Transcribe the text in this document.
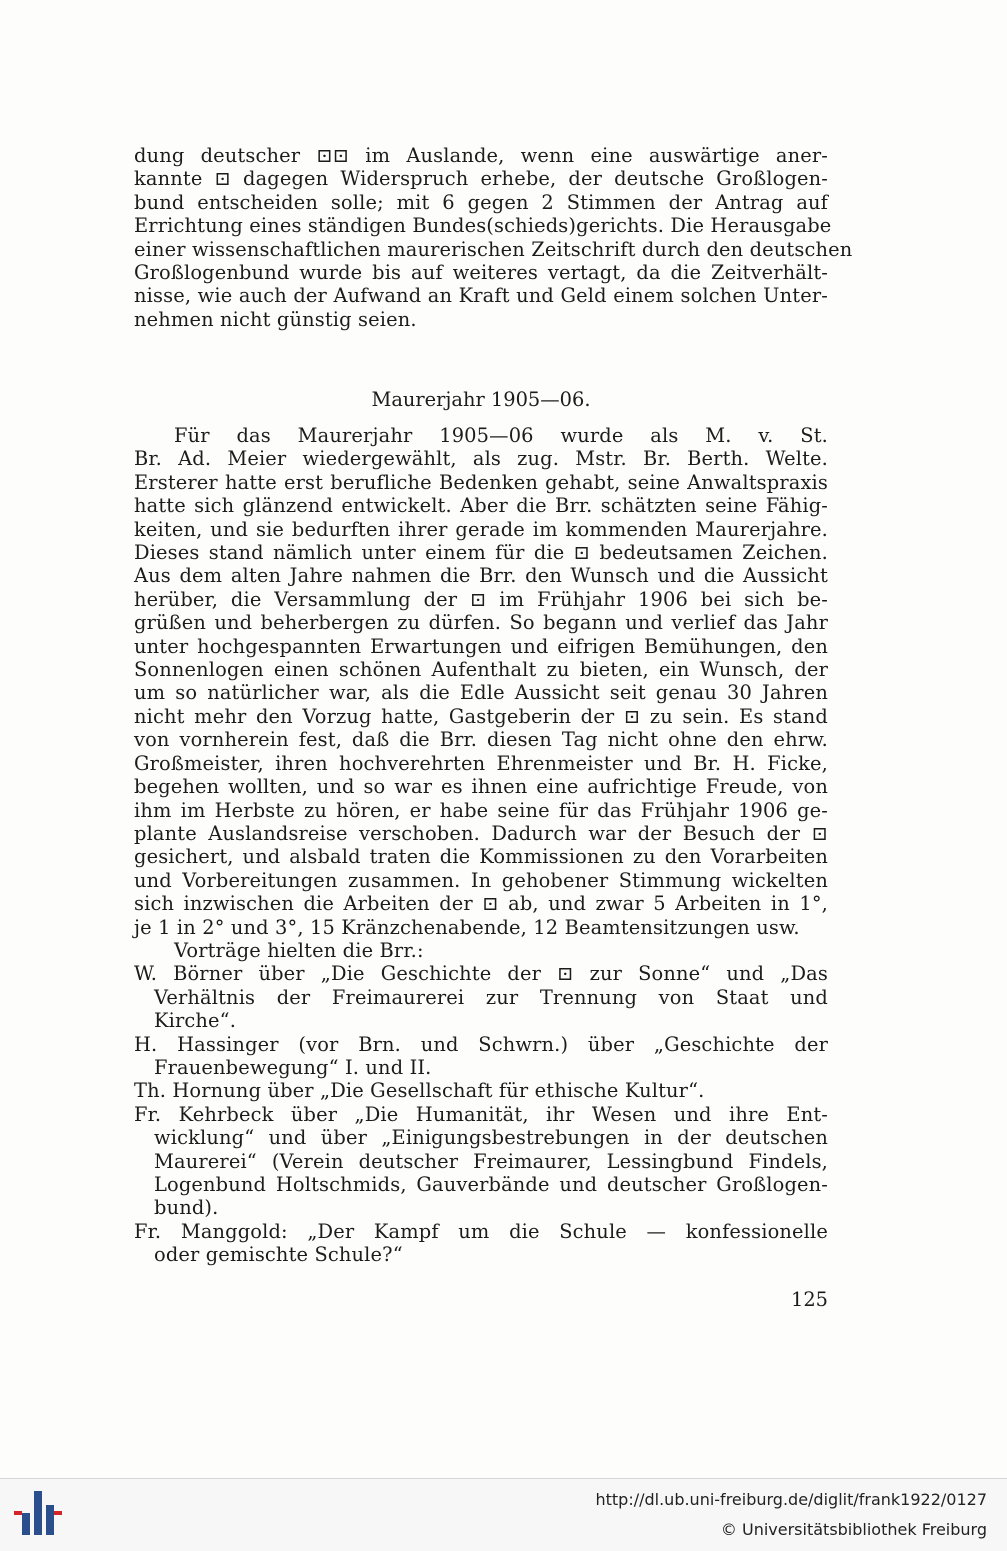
dung deutscher ⊡⊡ im Auslande, wenn eine auswärtige aner-
kannte ⊡ dagegen Widerspruch erhebe, der deutsche Großlogen-
bund entscheiden solle; mit 6 gegen 2 Stimmen der Antrag auf
Errichtung eines ständigen Bundes(schieds)gerichts. Die Herausgabe
einer wissenschaftlichen maurerischen Zeitschrift durch den deutschen
Großlogenbund wurde bis auf weiteres vertagt, da die Zeitverhält-
nisse, wie auch der Aufwand an Kraft und Geld einem solchen Unter-
nehmen nicht günstig seien.
Maurerjahr 1905—06.
Für das Maurerjahr 1905—06 wurde als M. v. St.
Br. Ad. Meier wiedergewählt, als zug. Mstr. Br. Berth. Welte.
Ersterer hatte erst berufliche Bedenken gehabt, seine Anwaltspraxis
hatte sich glänzend entwickelt. Aber die Brr. schätzten seine Fähig-
keiten, und sie bedurften ihrer gerade im kommenden Maurerjahre.
Dieses stand nämlich unter einem für die ⊡ bedeutsamen Zeichen.
Aus dem alten Jahre nahmen die Brr. den Wunsch und die Aussicht
herüber, die Versammlung der ⊡ im Frühjahr 1906 bei sich be-
grüßen und beherbergen zu dürfen. So begann und verlief das Jahr
unter hochgespannten Erwartungen und eifrigen Bemühungen, den
Sonnenlogen einen schönen Aufenthalt zu bieten, ein Wunsch, der
um so natürlicher war, als die Edle Aussicht seit genau 30 Jahren
nicht mehr den Vorzug hatte, Gastgeberin der ⊡ zu sein. Es stand
von vornherein fest, daß die Brr. diesen Tag nicht ohne den ehrw.
Großmeister, ihren hochverehrten Ehrenmeister und Br. H. Ficke,
begehen wollten, und so war es ihnen eine aufrichtige Freude, von
ihm im Herbste zu hören, er habe seine für das Frühjahr 1906 ge-
plante Auslandsreise verschoben. Dadurch war der Besuch der ⊡
gesichert, und alsbald traten die Kommissionen zu den Vorarbeiten
und Vorbereitungen zusammen. In gehobener Stimmung wickelten
sich inzwischen die Arbeiten der ⊡ ab, und zwar 5 Arbeiten in 1°,
je 1 in 2° und 3°, 15 Kränzchenabende, 12 Beamtensitzungen usw.
Vorträge hielten die Brr.:
W. Börner über „Die Geschichte der ⊡ zur Sonne“ und „Das
Verhältnis der Freimaurerei zur Trennung von Staat und
Kirche“.
H. Hassinger (vor Brn. und Schwrn.) über „Geschichte der
Frauenbewegung“ I. und II.
Th. Hornung über „Die Gesellschaft für ethische Kultur“.
Fr. Kehrbeck über „Die Humanität, ihr Wesen und ihre Ent-
wicklung“ und über „Einigungsbestrebungen in der deutschen
Maurerei“ (Verein deutscher Freimaurer, Lessingbund Findels,
Logenbund Holtschmids, Gauverbände und deutscher Großlogen-
bund).
Fr. Manggold: „Der Kampf um die Schule — konfessionelle
oder gemischte Schule?“
125
http://dl.ub.uni-freiburg.de/diglit/frank1922/0127
© Universitätsbibliothek Freiburg
